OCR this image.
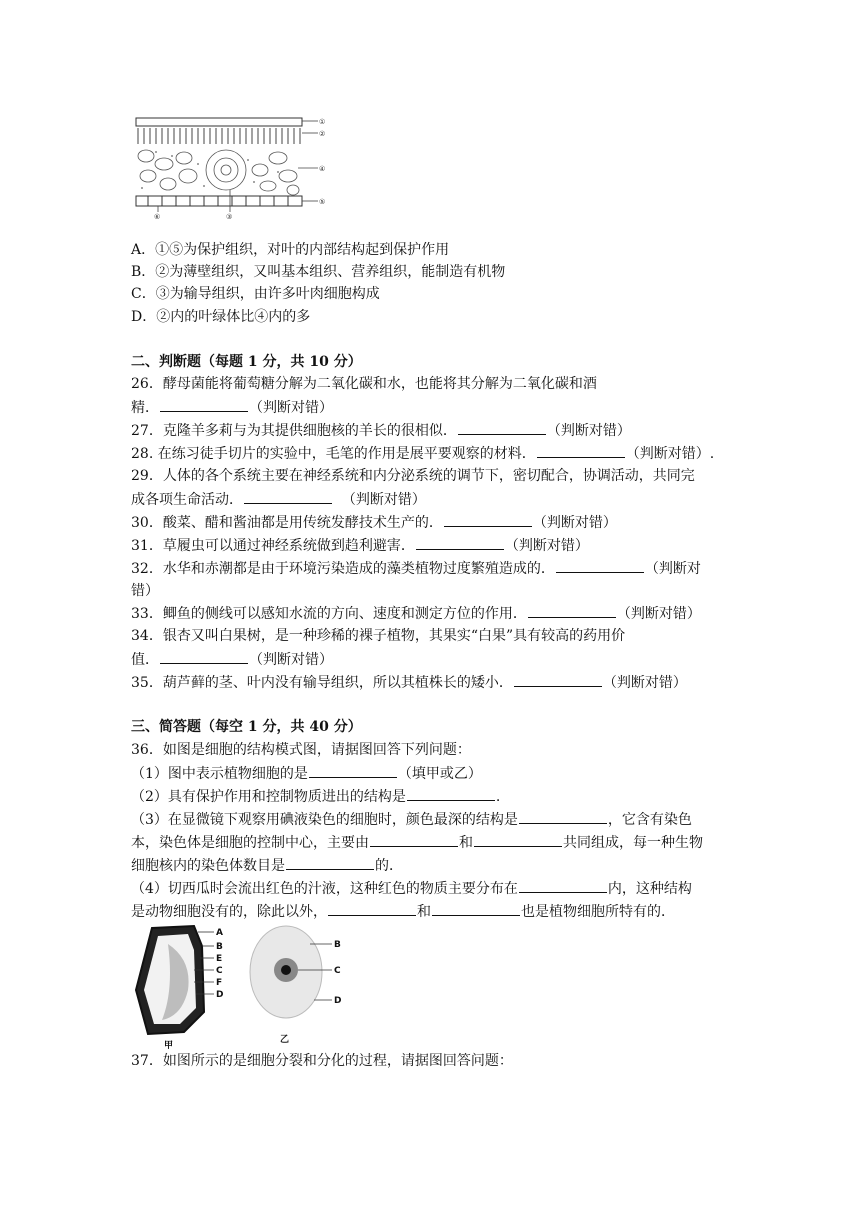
①
②
④
⑤
⑥	③
A．①⑤为保护组织，对叶的内部结构起到保护作用
B．②为薄壁组织，又叫基本组织、营养组织，能制造有机物
C．③为输导组织，由许多叶肉细胞构成
D．②内的叶绿体比④内的多
二、判断题（每题 1 分，共 10 分）
26．酵母菌能将葡萄糖分解为二氧化碳和水，也能将其分解为二氧化碳和酒
精．	（判断对错）
27．克隆羊多莉与为其提供细胞核的羊长的很相似．	（判断对错）
28. 在练习徒手切片的实验中，毛笔的作用是展平要观察的材料．	（判断对错）.
29．人体的各个系统主要在神经系统和内分泌系统的调节下，密切配合，协调活动，共同完
成各项生命活动．	（判断对错）
30．酸菜、醋和酱油都是用传统发酵技术生产的．	（判断对错）
31．草履虫可以通过神经系统做到趋利避害．	（判断对错）
32．水华和赤潮都是由于环境污染造成的藻类植物过度繁殖造成的．	（判断对
错）
33．鲫鱼的侧线可以感知水流的方向、速度和测定方位的作用．	（判断对错）
34．银杏又叫白果树，是一种珍稀的裸子植物，其果实“白果”具有较高的药用价
值．	（判断对错）
35．葫芦藓的茎、叶内没有输导组织，所以其植株长的矮小．	（判断对错）
三、简答题（每空 1 分，共 40 分）
36．如图是细胞的结构模式图，请据图回答下列问题：
（1）图中表示植物细胞的是	（填甲或乙）
（2）具有保护作用和控制物质进出的结构是	.
（3）在显微镜下观察用碘液染色的细胞时，颜色最深的结构是	，它含有染色
本，染色体是细胞的控制中心，主要由	和	共同组成，每一种生物
细胞核内的染色体数目是	的．
（4）切西瓜时会流出红色的汁液，这种红色的物质主要分布在	内，这种结构
是动物细胞没有的，除此以外，	和	也是植物细胞所特有的．
A
B
E
C
F
D
甲
B
C
D
乙
37．如图所示的是细胞分裂和分化的过程，请据图回答问题：
